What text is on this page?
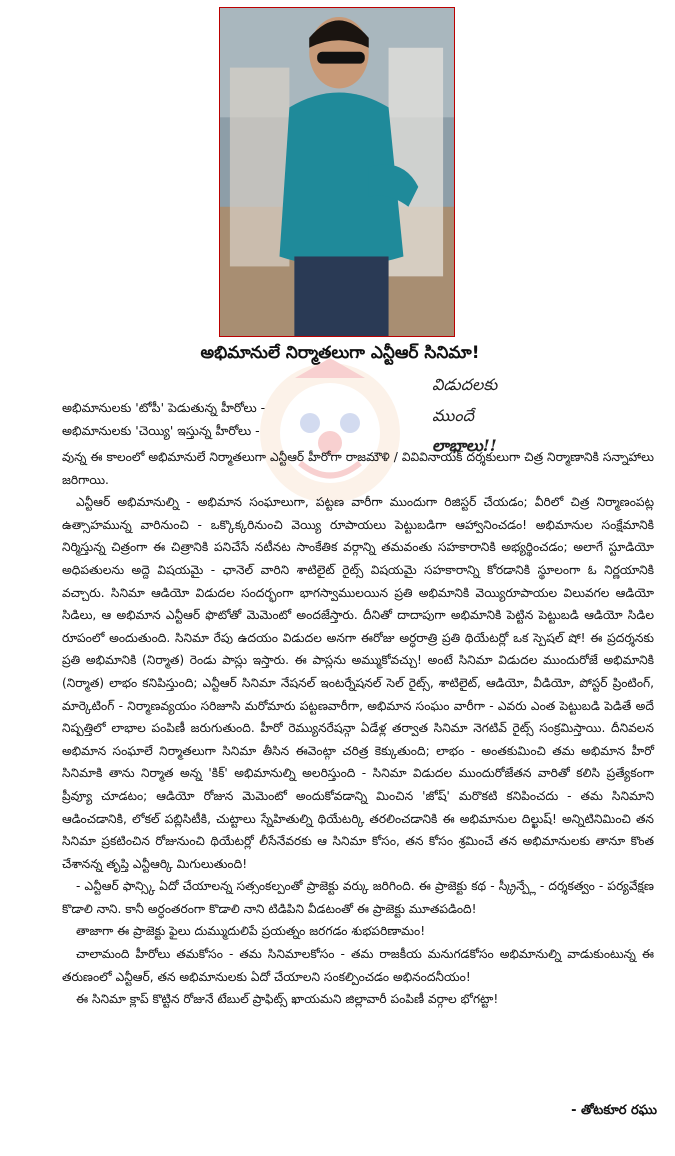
అభిమానులే నిర్మాతలుగా ఎన్టీఆర్ సినిమా!
విడుదలకు
ముందే
లాభాలు!!
అభిమానులకు 'టోపీ' పెడుతున్న హీరోలు -
అభిమానులకు 'చెయ్యి' ఇస్తున్న హీరోలు -

వున్న ఈ కాలంలో అభిమానులే నిర్మాతలుగా ఎన్టీఆర్ హీరోగా రాజమౌళి / వివివినాయక్ దర్శకులుగా చిత్ర నిర్మాణానికి సన్నాహాలు జరిగాయి.

ఎన్టీఆర్ అభిమానుల్ని - అభిమాన సంఘాలుగా, పట్టణ వారీగా ముందుగా రిజిస్టర్ చేయడం; వీరిలో చిత్ర నిర్మాణంపట్ల ఉత్సాహమున్న వారినుంచి - ఒక్కొక్కరినుంచి వెయ్యి రూపాయలు పెట్టుబడిగా ఆహ్వానించడం! అభిమానుల సంక్షేమానికి నిర్మిస్తున్న చిత్రంగా ఈ చిత్రానికి పనిచేసే నటీనట సాంకేతిక వర్గాన్ని తమవంతు సహకారానికి అభ్యర్థించడం; అలాగే స్టూడియో అధిపతులను అద్దె విషయమై - ఛానెల్ వారిని శాటిలైట్ రైట్స్ విషయమై సహకారాన్ని కోరడానికి స్థూలంగా ఓ నిర్ణయానికి వచ్చారు. సినిమా ఆడియో విడుదల సందర్భంగా భాగస్వాములయిన ప్రతి అభిమానికి వెయ్యిరూపాయల విలువగల ఆడియో సిడిలు, ఆ అభిమాన ఎన్టీఆర్ ఫొటోతో మెమెంటో అందజేస్తారు. దీనితో దాదాపుగా అభిమానికి పెట్టిన పెట్టుబడి ఆడియో సిడిల రూపంలో అందుతుంది. సినిమా రేపు ఉదయం విడుదల అనగా ఈరోజు అర్ధరాత్రి ప్రతి థియేటర్లో ఒక స్పెషల్ షో! ఈ ప్రదర్శనకు ప్రతి అభిమానికి (నిర్మాత) రెండు పాస్లు ఇస్తారు. ఈ పాస్లను అమ్ముకోవచ్చు! అంటే సినిమా విడుదల ముందురోజే అభిమానికి (నిర్మాత) లాభం కనిపిస్తుంది; ఎన్టీఆర్ సినిమా నేషనల్ ఇంటర్నేషనల్ సెల్ రైట్స్, శాటిలైట్, ఆడియో, వీడియో, పోస్టర్ ప్రింటింగ్, మార్కెటింగ్ - నిర్మాణవ్యయం సరిజూసి మరోమారు పట్టణవారీగా, అభిమాన సంఘం వారీగా - ఎవరు ఎంత పెట్టుబడి పెడితే అదే నిష్పత్తిలో లాభాల పంపిణీ జరుగుతుంది. హీరో రెమ్యునరేషన్గా ఏడేళ్ల తర్వాత సినిమా నెగటివ్ రైట్స్ సంక్రమిస్తాయి. దీనివలన అభిమాన సంఘాలే నిర్మాతలుగా సినిమా తీసిన ఈవెంట్గా చరిత్ర కెక్కుతుంది; లాభం - అంతకుమించి తమ అభిమాన హీరో సినిమాకి తాను నిర్మాత అన్న 'కిక్' అభిమానుల్ని అలరిస్తుంది - సినిమా విడుదల ముందురోజేతన వారితో కలిసి ప్రత్యేకంగా ప్రీవ్యూ చూడటం; ఆడియో రోజున మెమెంటో అందుకోవడాన్ని మించిన 'జోష్' మరొకటి కనిపించదు - తమ సినిమాని ఆడించడానికి, లోకల్ పబ్లిసిటీకి, చుట్టాలు స్నేహితుల్ని థియేటర్కి తరలించడానికి ఈ అభిమానుల దిల్ఖుష్! అన్నిటినిమించి తన సినిమా ప్రకటించిన రోజునుంచి థియేటర్లో లీసేనేవరకు ఆ సినిమా కోసం, తన కోసం శ్రమించే తన అభిమానులకు తానూ కొంత చేశానన్న తృప్తి ఎన్టీఆర్కి మిగులుతుంది!

- ఎన్టీఆర్ ఫాన్స్కి ఏదో చేయాలన్న సత్సంకల్పంతో ప్రాజెక్టు వర్కు జరిగింది. ఈ ప్రాజెక్టు కథ - స్క్రీన్ప్లే - దర్శకత్వం - పర్యవేక్షణ కొడాలి నాని. కానీ అర్ధంతరంగా కొడాలి నాని టిడిపిని వీడటంతో ఈ ప్రాజెక్టు మూతపడింది!

తాజాగా ఈ ప్రాజెక్టు ఫైలు దుమ్ముదులిపే ప్రయత్నం జరగడం శుభపరిణామం!

చాలామంది హీరోలు తమకోసం - తమ సినిమాలకోసం - తమ రాజకీయ మనుగడకోసం అభిమానుల్ని వాడుకుంటున్న ఈ తరుణంలో ఎన్టీఆర్, తన అభిమానులకు ఏదో చేయాలని సంకల్పించడం అభినందనీయం!

ఈ సినిమా క్లాప్ కొట్టిన రోజునే టేబుల్ ప్రాఫిట్స్ ఖాయమని జిల్లావారీ పంపిణీ వర్గాల భోగట్టా!

- తోటకూర రఘు
